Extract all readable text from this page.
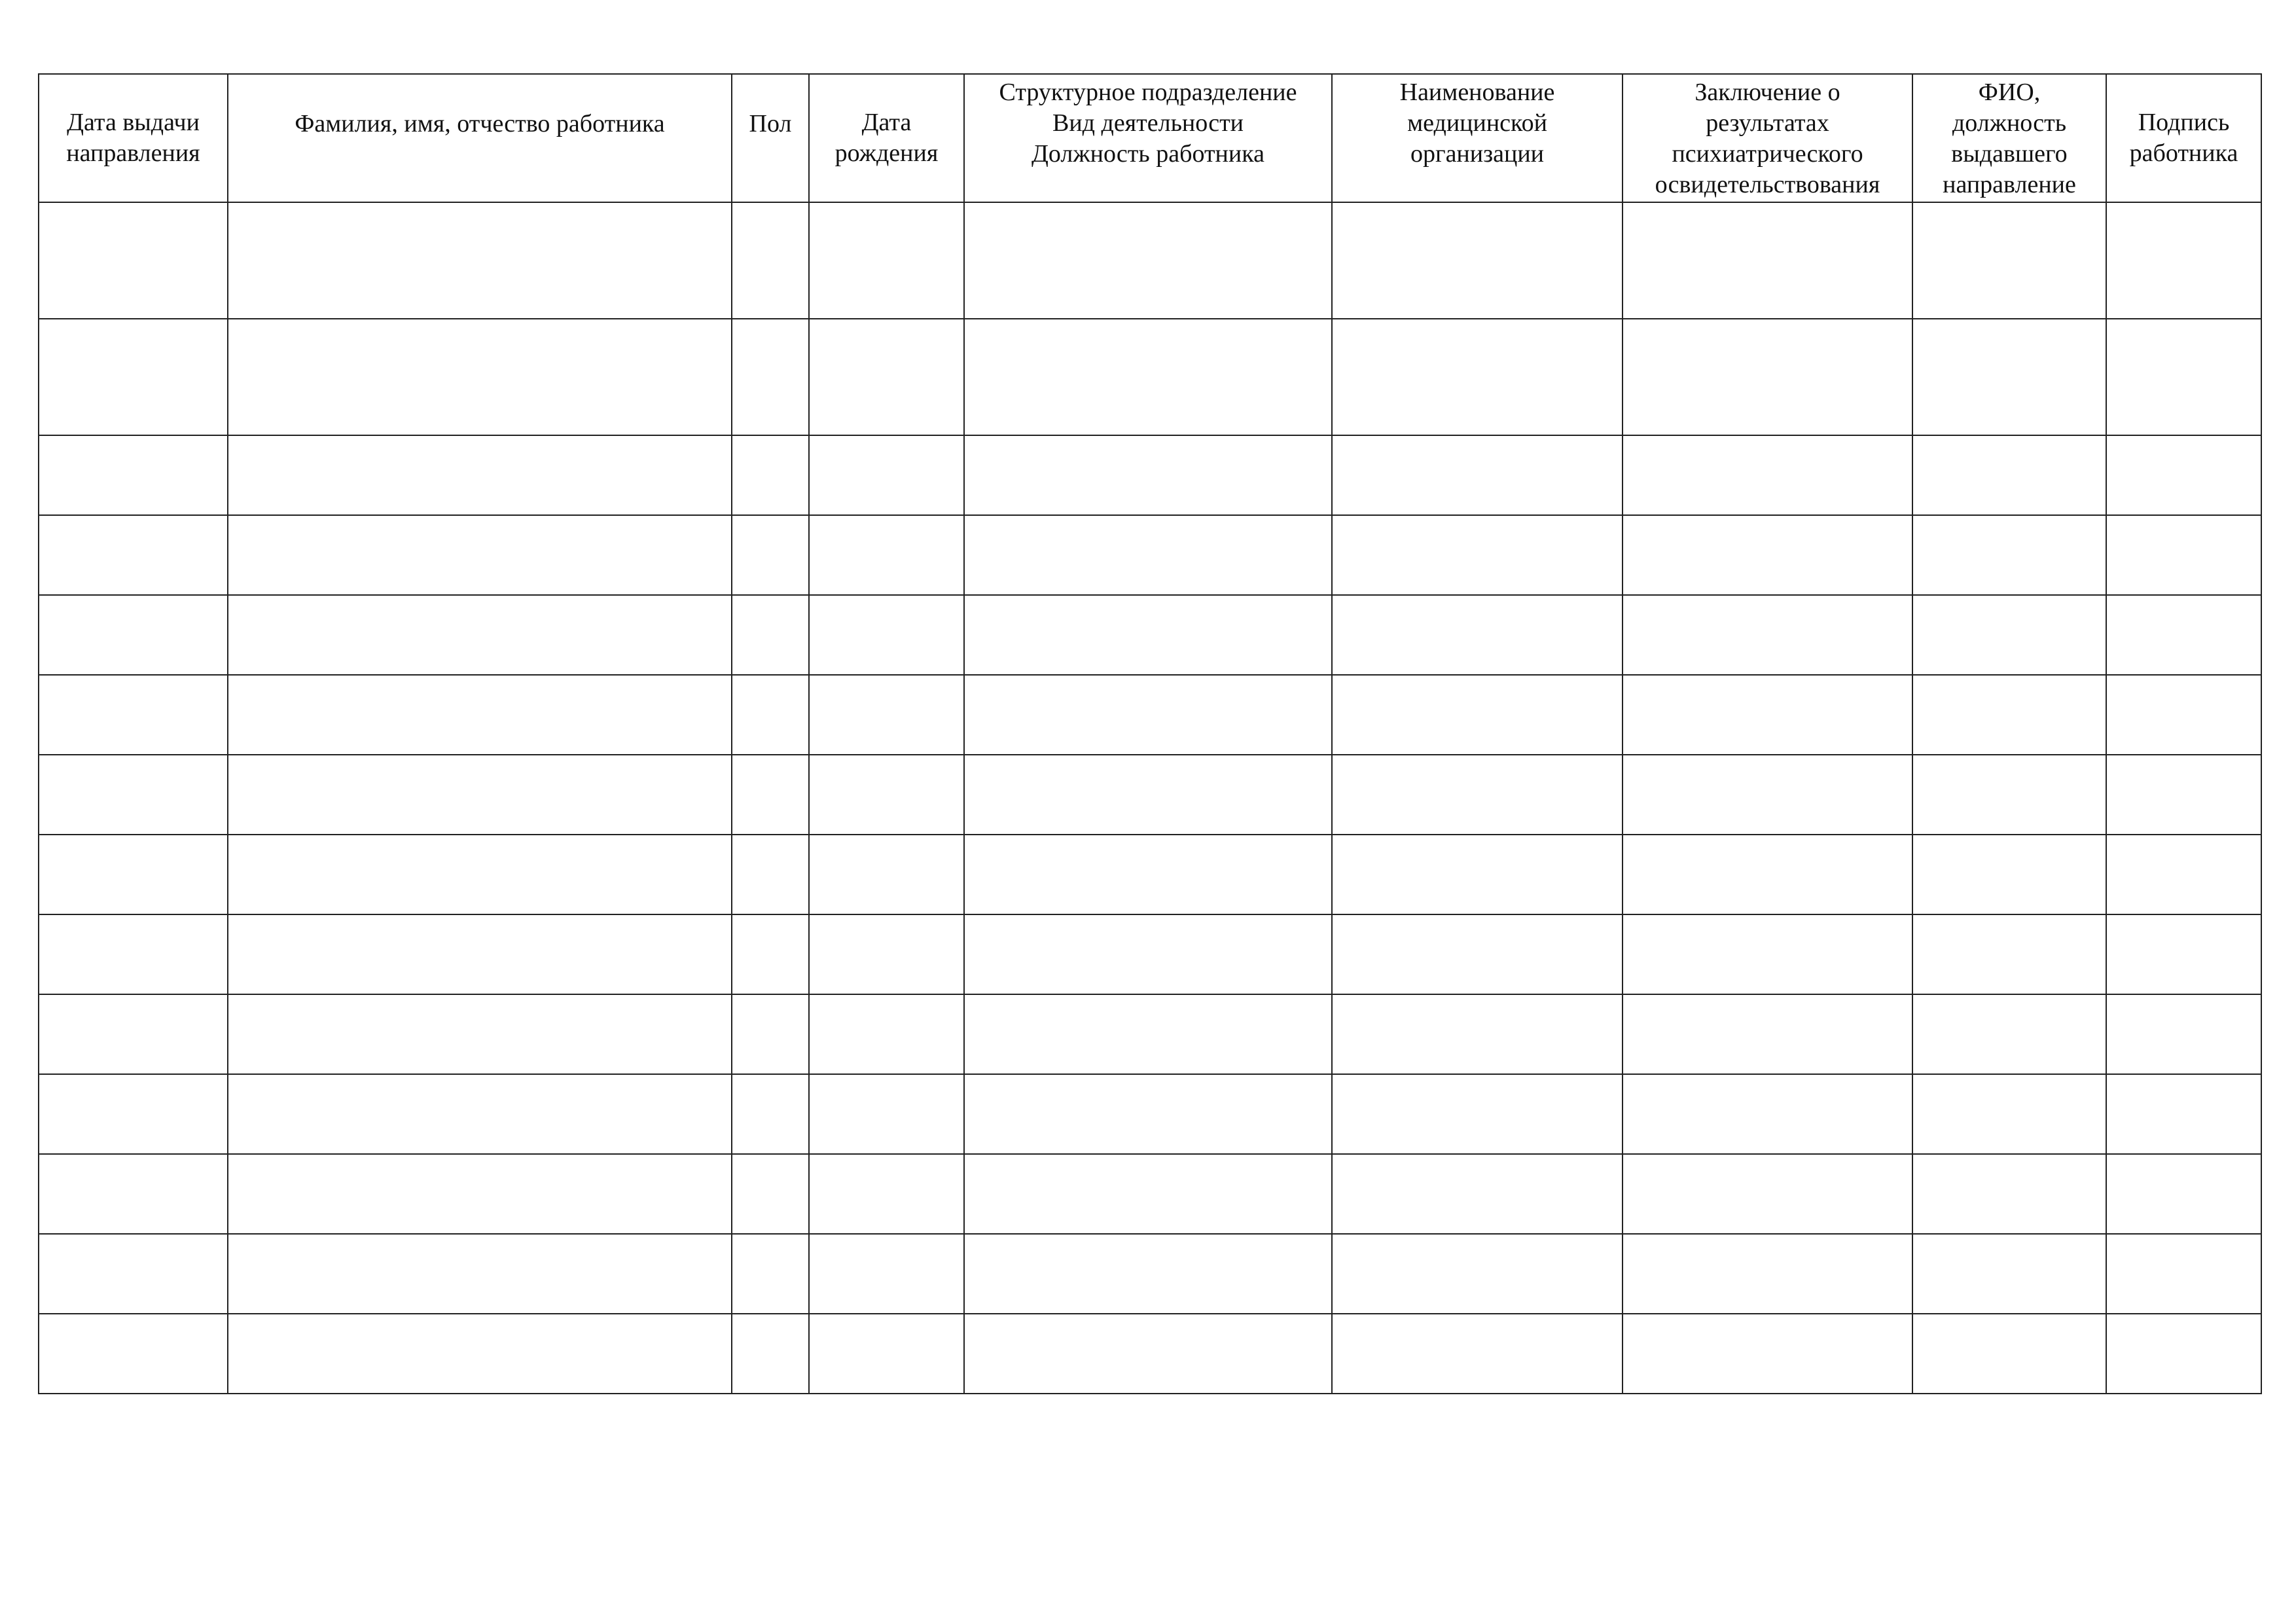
Дата выдачи
направления	Фамилия, имя, отчество работника	Пол	Дата
рождения	Структурное подразделение
Вид деятельности
Должность работника	Наименование
медицинской
организации	Заключение о
результатах
психиатрического
освидетельствования	ФИО,
должность
выдавшего
направление	Подпись
работника
